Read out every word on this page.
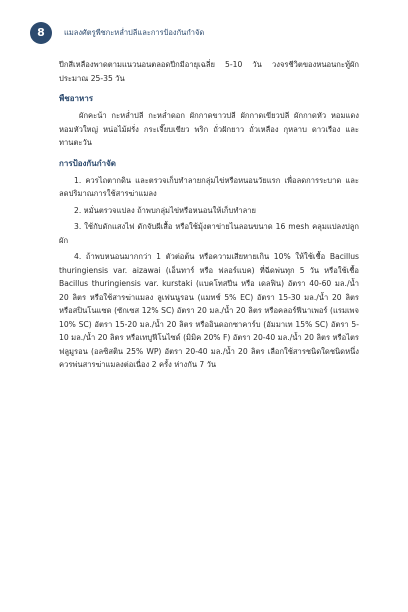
8	แมลงศัตรูพืชกะหล่ำปลีและการป้องกันกำจัด

ปีกสีเหลืองพาดตามแนวนอนตลอดปีกมีอายุเฉลี่ย 5-10 วัน วงจรชีวิตของหนอนกะทู้ผักประมาณ 25-35 วัน

พืชอาหาร

ผักคะน้า กะหล่ำปลี กะหล่ำดอก ผักกาดขาวปลี ผักกาดเขียวปลี ผักกาดหัว หอมแดง หอมหัวใหญ่ หน่อไม้ฝรั่ง กระเจี๊ยบเขียว พริก ถั่วฝักยาว ถั่วเหลือง กุหลาบ ดาวเรือง และทานตะวัน

การป้องกันกำจัด

1. ควรไถตากดิน และตรวจเก็บทำลายกลุ่มไข่หรือหนอนวัยแรก เพื่อลดการระบาด และลดปริมาณการใช้สารฆ่าแมลง

2. หมั่นตรวจแปลง ถ้าพบกลุ่มไข่หรือหนอนให้เก็บทำลาย

3. ใช้กับดักแสงไฟ ดักจับผีเสื้อ หรือใช้มุ้งตาข่ายไนลอนขนาด 16 mesh คลุมแปลงปลูกผัก

4. ถ้าพบหนอนมากกว่า 1 ตัวต่อต้น หรือความเสียหายเกิน 10% ให้ใช้เชื้อ Bacillus thuringiensis var. aizawai (เอ็นทาร์ หรือ ฟลอร์แบค) ที่ฉีดพ่นทุก 5 วัน หรือใช้เชื้อ Bacillus thuringiensis var. kurstaki (แบคโทสปีน หรือ เดลฟิน) อัตรา 40-60 มล./น้ำ 20 ลิตร หรือใช้สารฆ่าแมลง ลูเฟนนูรอน (แมทช์ 5% EC) อัตรา 15-30 มล./น้ำ 20 ลิตร หรือสปินโนแซด (ซักเซส 12% SC) อัตรา 20 มล./น้ำ 20 ลิตร หรือคลอร์ฟีนาเพอร์ (แรมเพจ 10% SC) อัตรา 15-20 มล./น้ำ 20 ลิตร หรืออินดอกซาคาร์บ (อัมมาเท 15% SC) อัตรา 5-10 มล./น้ำ 20 ลิตร หรือเทบูฟีโนไซด์ (มิมิค 20% F) อัตรา 20-40 มล./น้ำ 20 ลิตร หรือไตรฟลูมูรอน (อลซิสติน 25% WP) อัตรา 20-40 มล./น้ำ 20 ลิตร เลือกใช้สารชนิดใดชนิดหนึ่ง ควรพ่นสารฆ่าแมลงต่อเนื่อง 2 ครั้ง ห่างกัน 7 วัน
